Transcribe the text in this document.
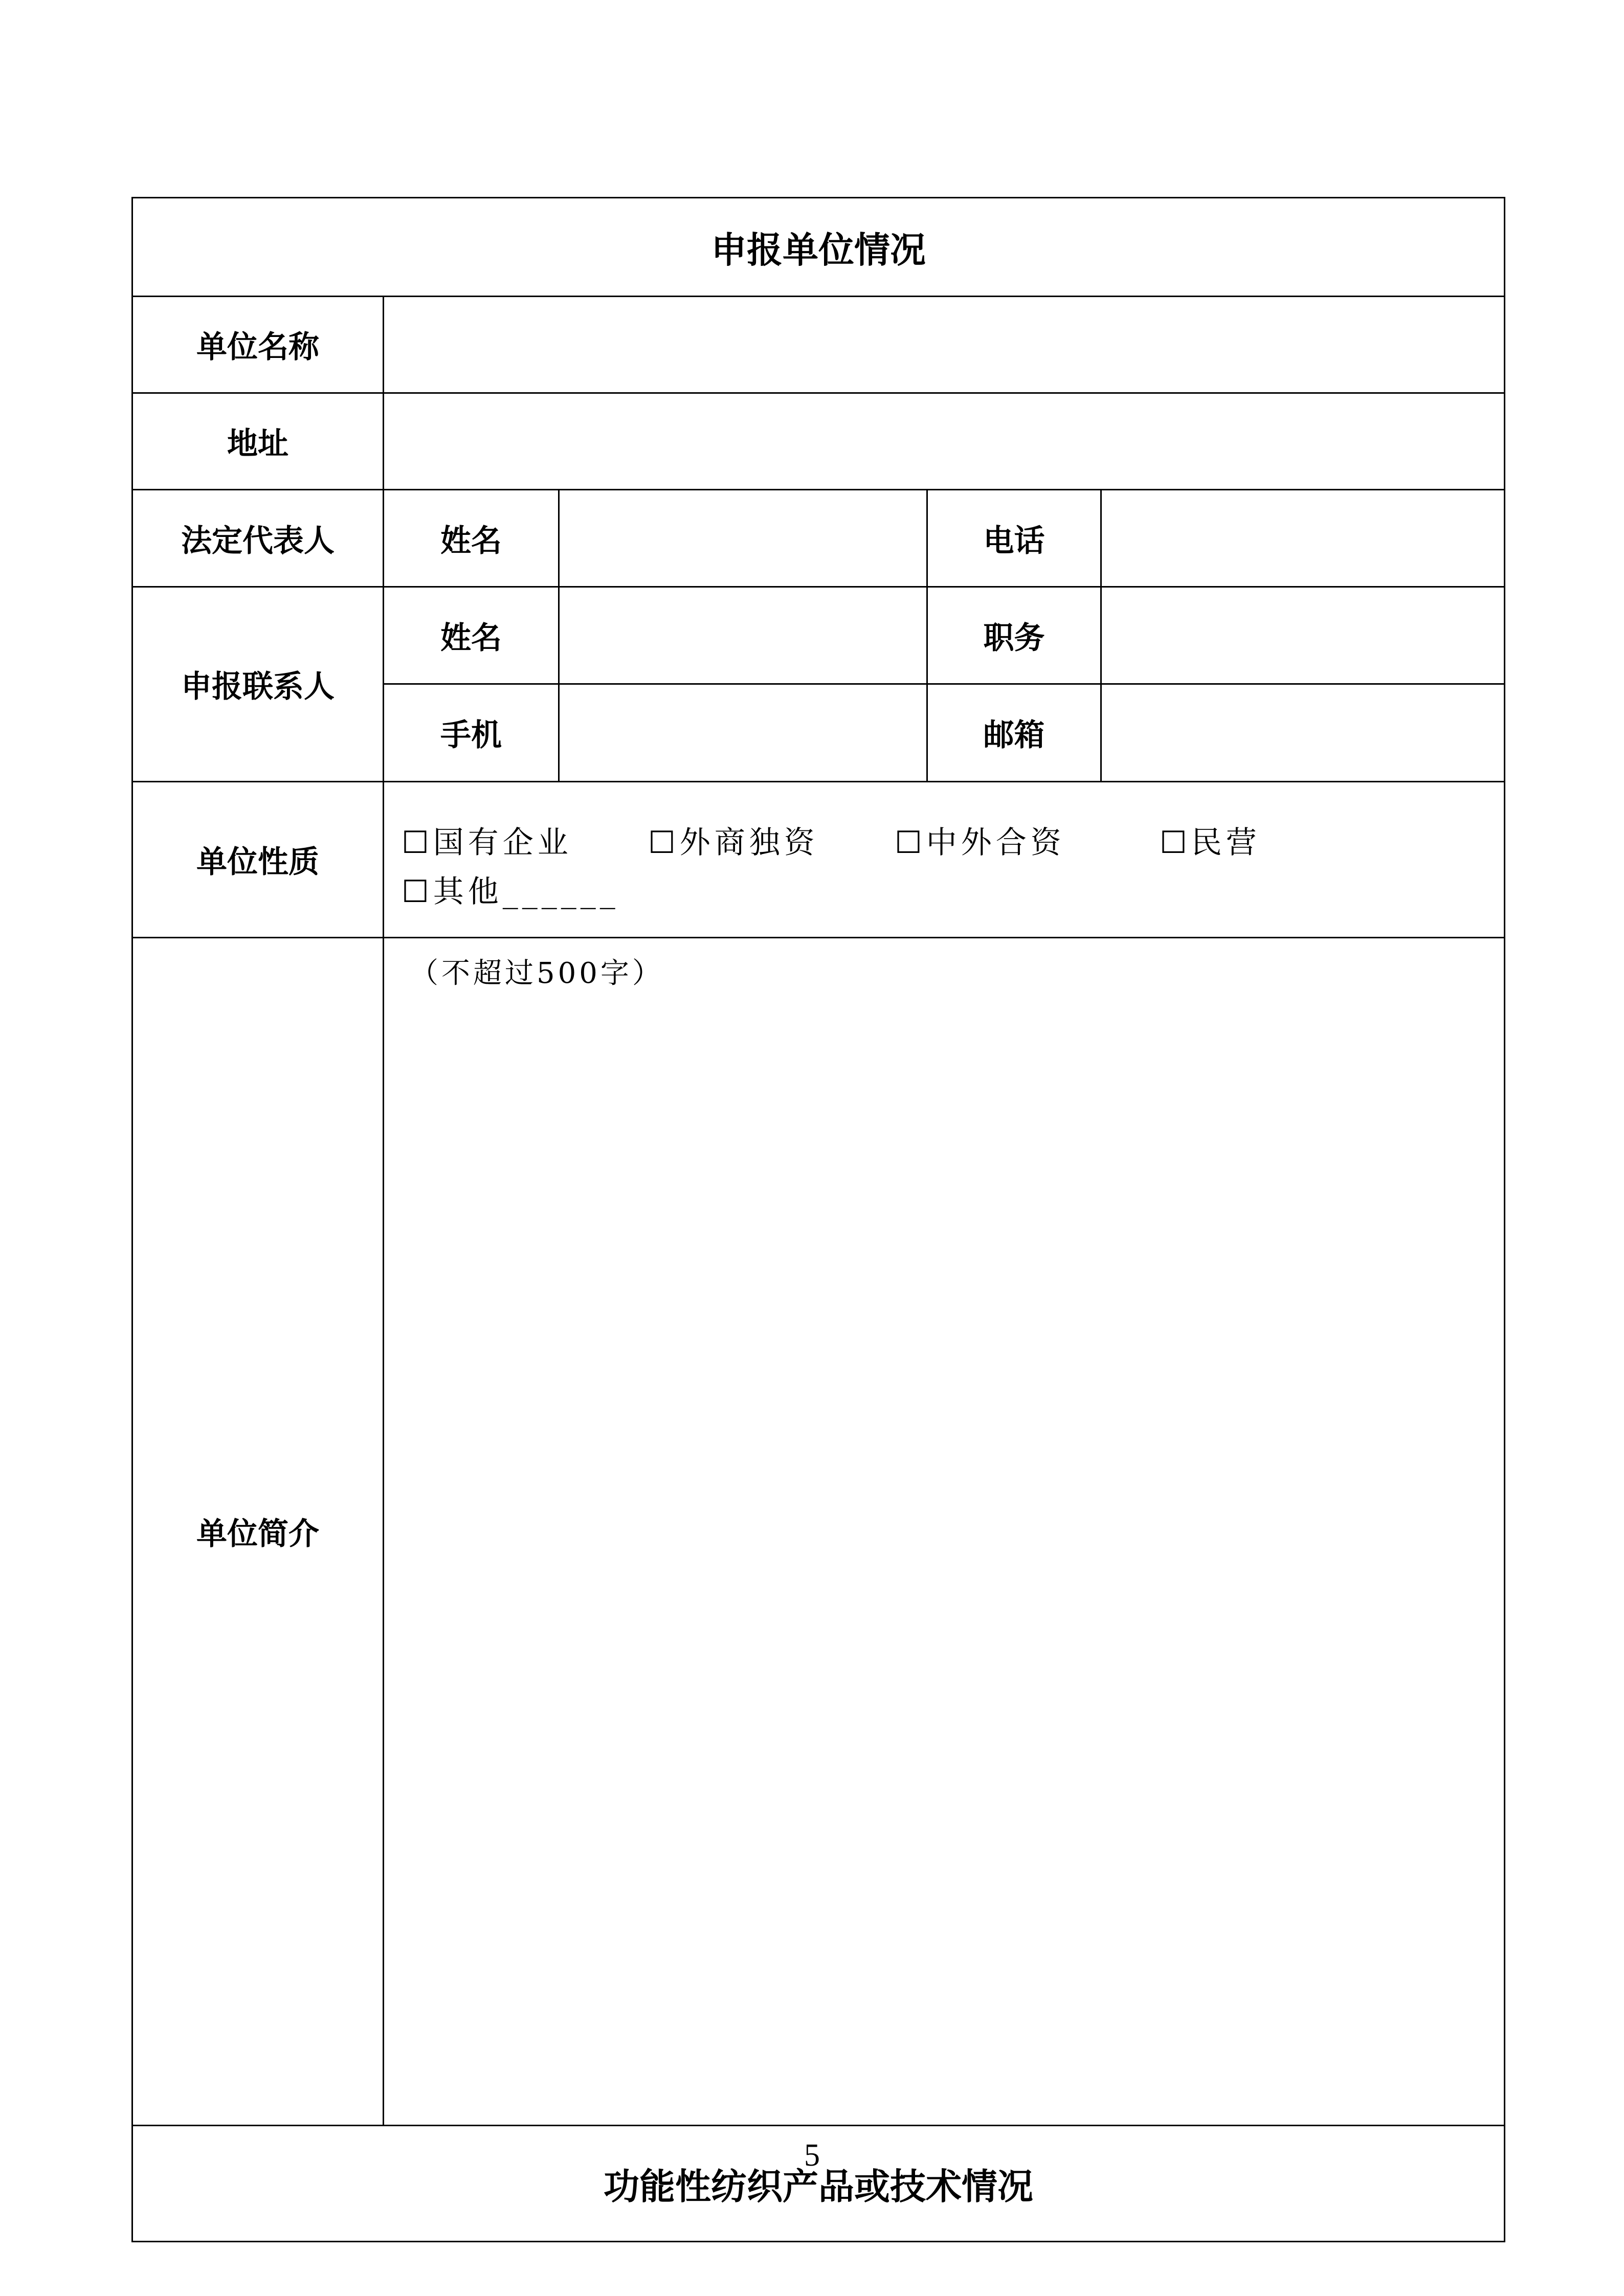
申报单位情况				
单位名称				
地址				
法定代表人	姓名		电话	
申报联系人	姓名		职务	
	手机		邮箱	
单位性质	☐国有企业 ☐外商独资 ☐中外合资 ☐民营
☐其他______			

单位简介	（不超过500字）			

功能性纺织产品或技术情况				
5
